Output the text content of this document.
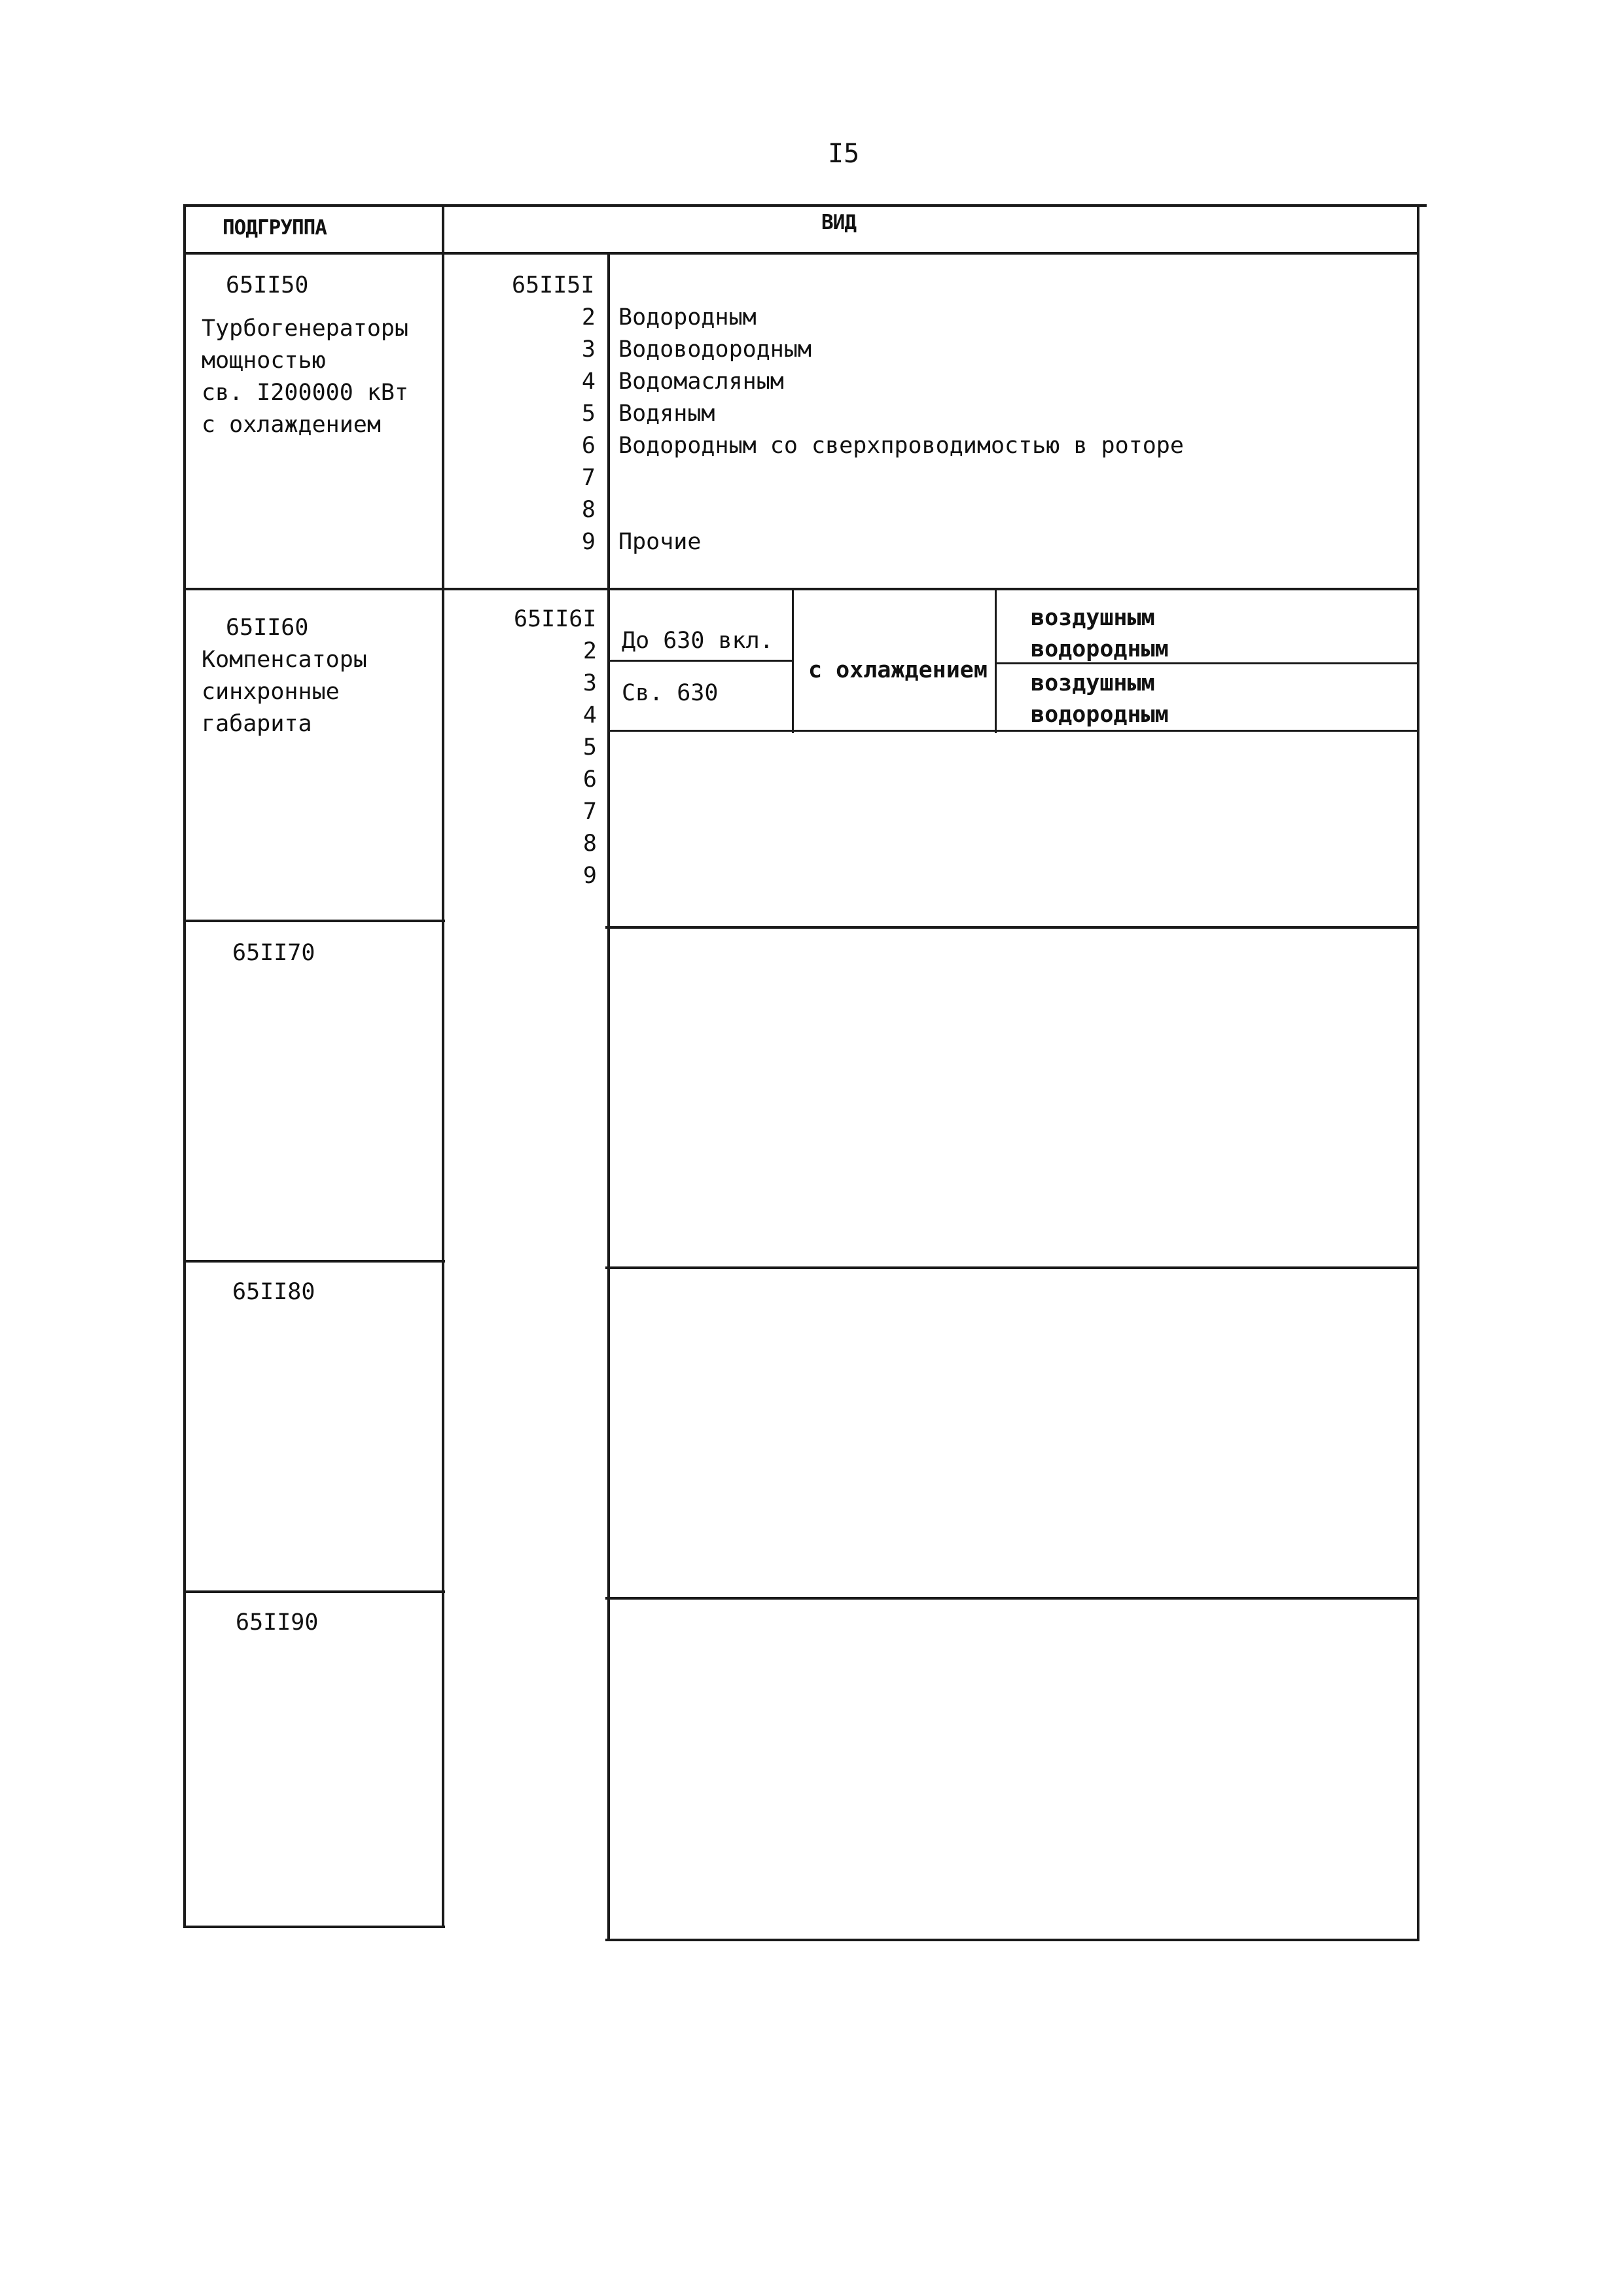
I5
ПОДГРУППА	ВИД
65II50
Турбогенераторы
мощностью
св. I200000 кВт
с охлаждением
65II5I
2
3
4
5
6
7
8
9
Водородным
Водоводородным
Водомасляным
Водяным
Водородным со сверхпроводимостью в роторе
Прочие
65II60
Компенсаторы
синхронные
габарита
65II6I
2
3
4
5
6
7
8
9
До 630 вкл.
Св. 630
с охлаждением
воздушным
водородным
воздушным
водородным
65II70
65II80
65II90
